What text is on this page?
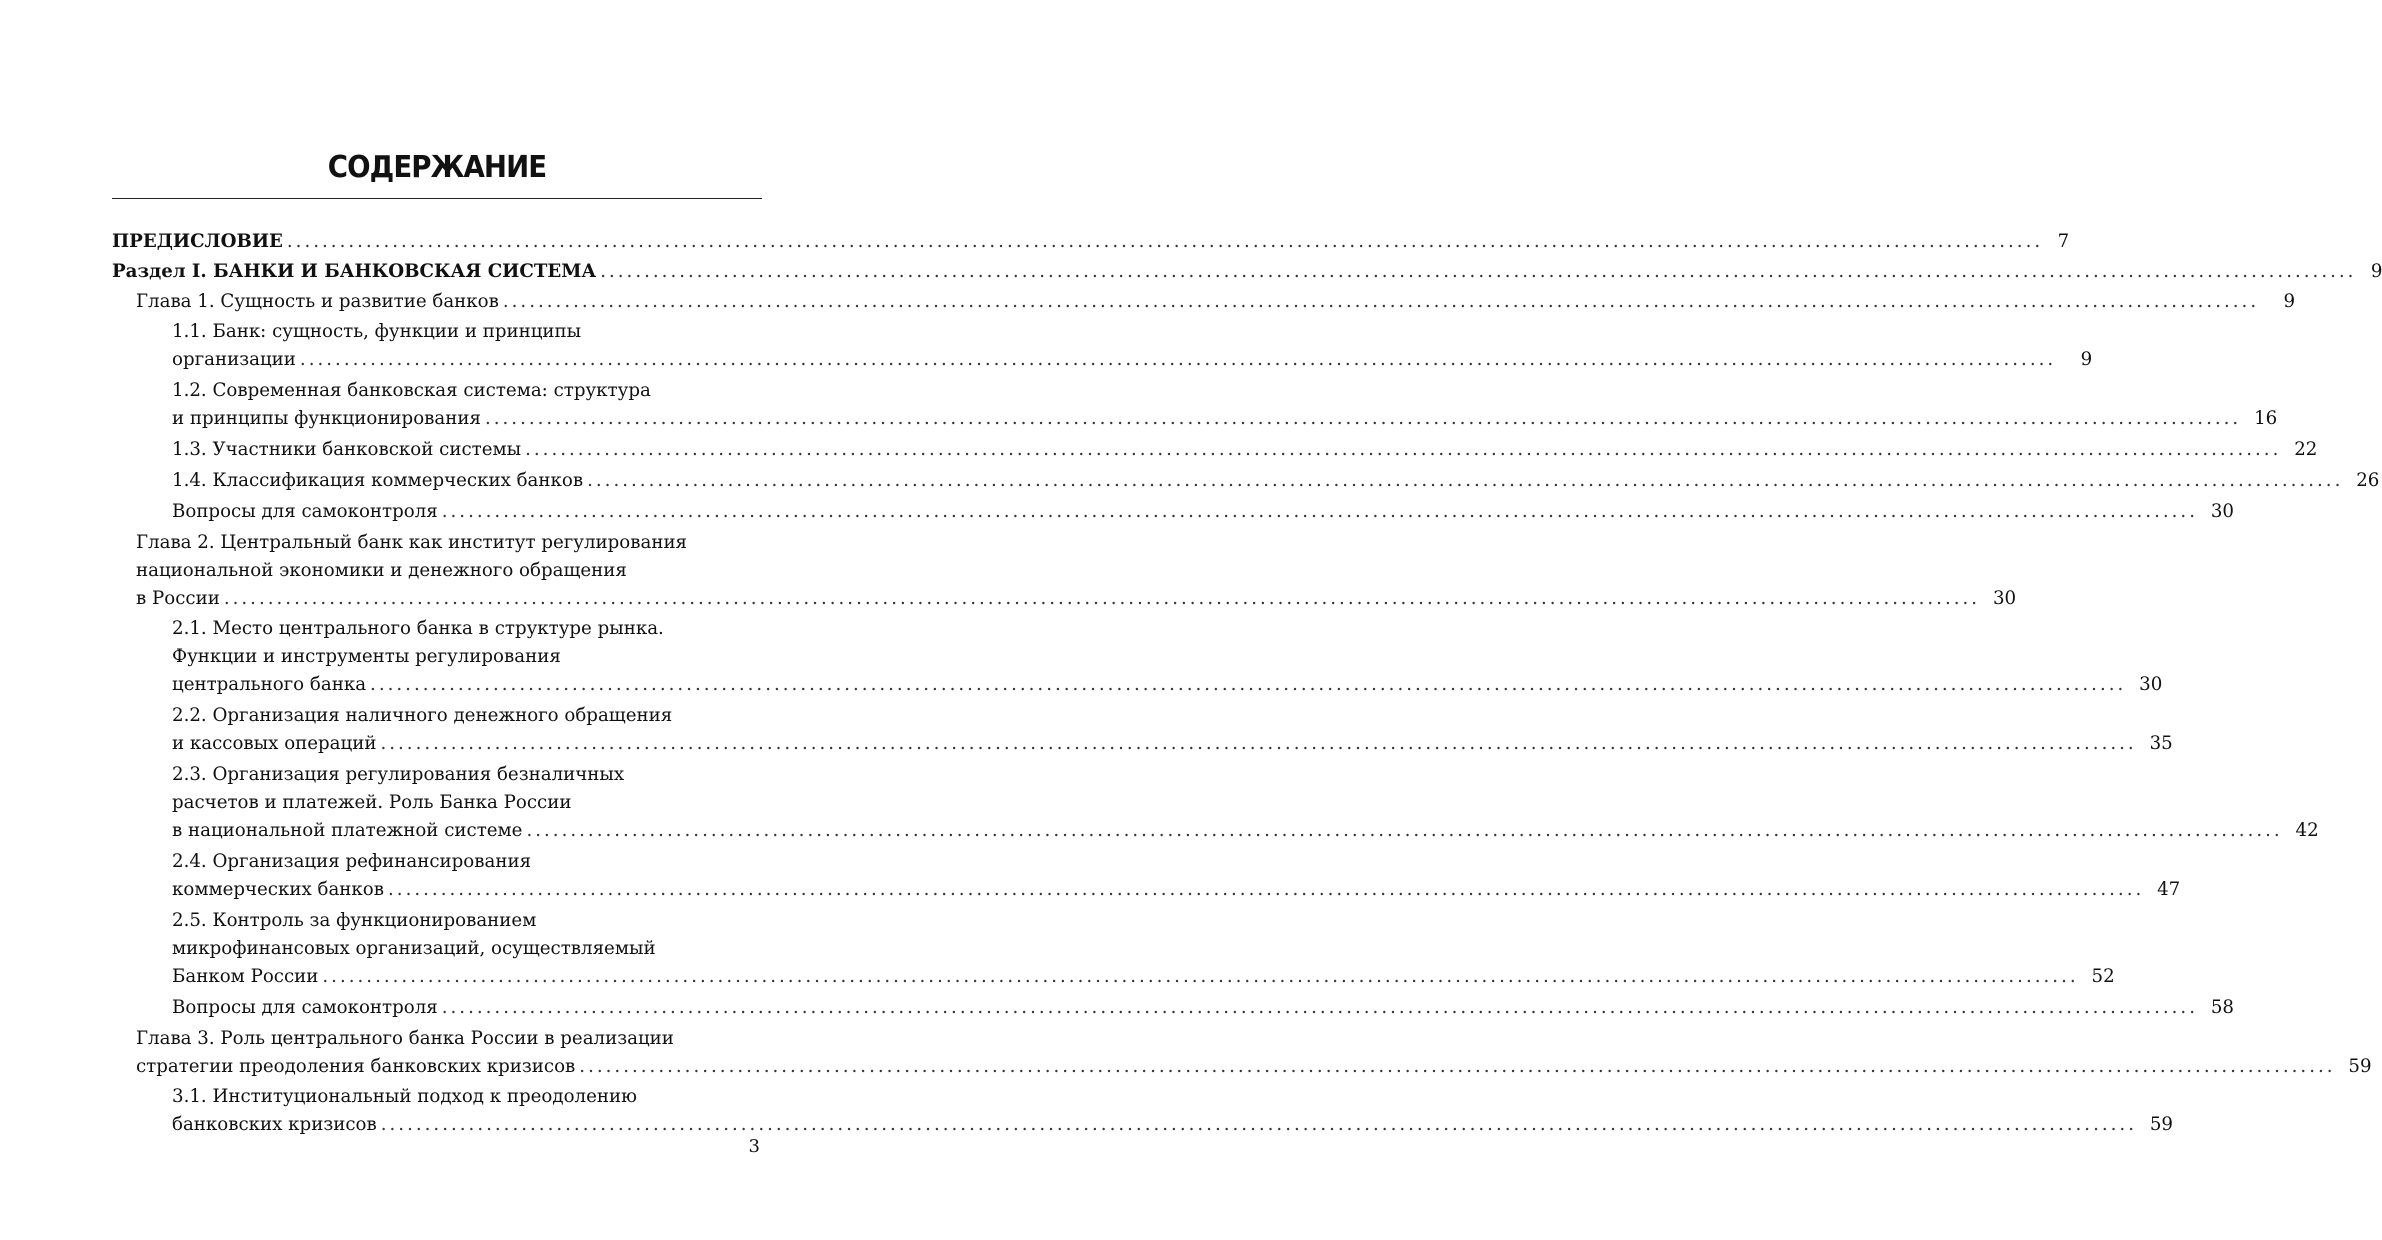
СОДЕРЖАНИЕ
ПРЕДИСЛОВИЕ ........................................................................................................................................................................................................ 7
Раздел I. БАНКИ И БАНКОВСКАЯ СИСТЕМА ........................................................................................................................................................................................................ 9
Глава 1. Сущность и развитие банков ........................................................................................................................................................................................................	9
1.1. Банк: сущность, функции и принципы
организации ........................................................................................................................................................................................................	9
1.2. Современная банковская система: структура
и принципы функционирования ........................................................................................................................................................................................................ 16
1.3. Участники банковской системы ........................................................................................................................................................................................................ 22
1.4. Классификация коммерческих банков ........................................................................................................................................................................................................ 26
Вопросы для самоконтроля ........................................................................................................................................................................................................ 30
Глава 2. Центральный банк как институт регулирования
национальной экономики и денежного обращения
в России ........................................................................................................................................................................................................ 30
2.1. Место центрального банка в структуре рынка.
Функции и инструменты регулирования
центрального банка ........................................................................................................................................................................................................ 30
2.2. Организация наличного денежного обращения
и кассовых операций ........................................................................................................................................................................................................ 35
2.3. Организация регулирования безналичных
расчетов и платежей. Роль Банка России
в национальной платежной системе ........................................................................................................................................................................................................ 42
2.4. Организация рефинансирования
коммерческих банков ........................................................................................................................................................................................................ 47
2.5. Контроль за функционированием
микрофинансовых организаций, осуществляемый
Банком России ........................................................................................................................................................................................................ 52
Вопросы для самоконтроля ........................................................................................................................................................................................................ 58
Глава 3. Роль центрального банка России в реализации
стратегии преодоления банковских кризисов ........................................................................................................................................................................................................ 59
3.1. Институциональный подход к преодолению
банковских кризисов ........................................................................................................................................................................................................ 59
3
